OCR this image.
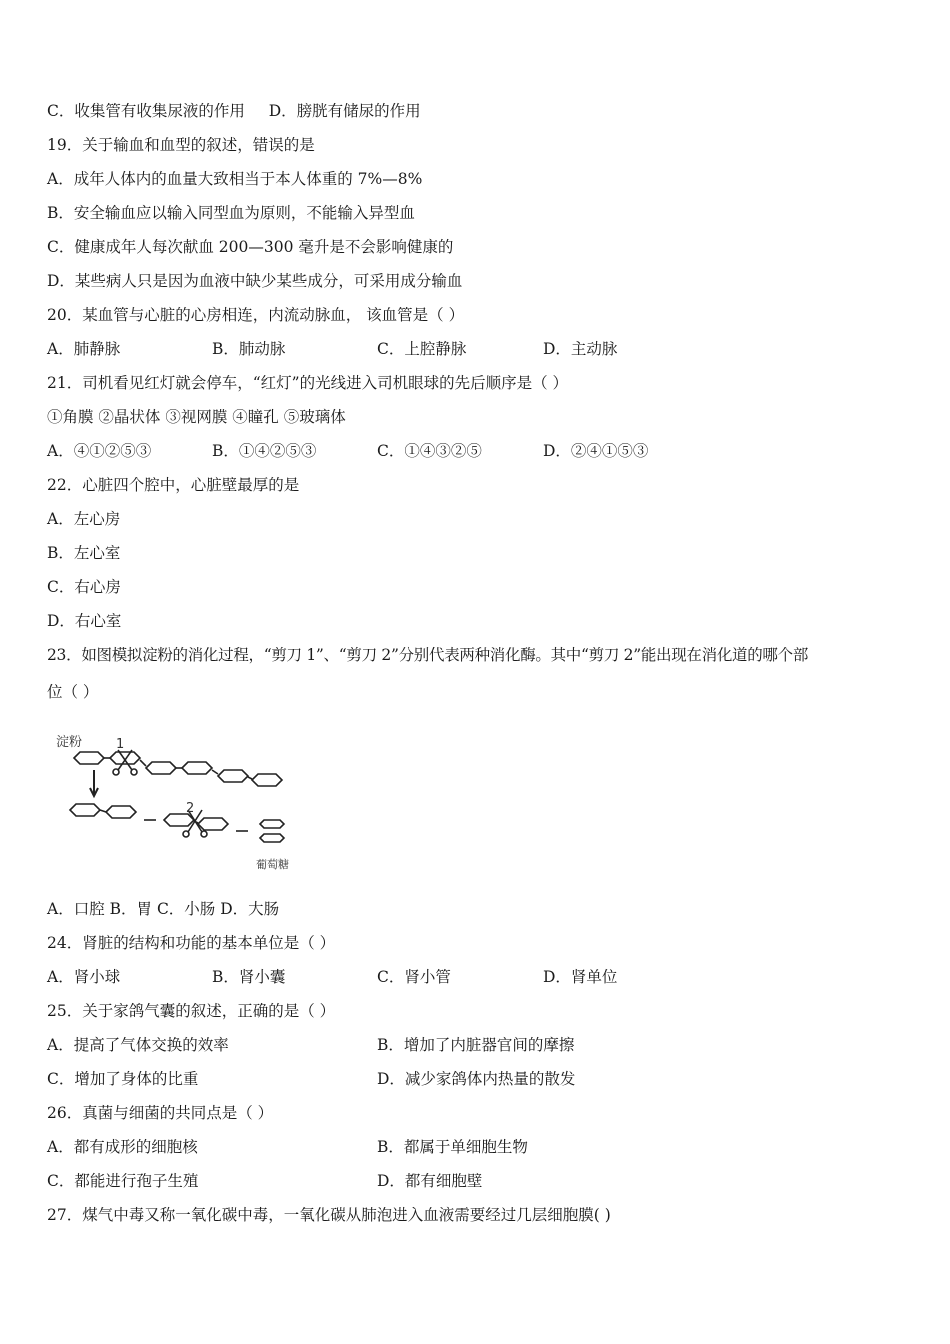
C．收集管有收集尿液的作用 D．膀胱有储尿的作用
19．关于输血和血型的叙述，错误的是
A．成年人体内的血量大致相当于本人体重的 7%—8%
B．安全输血应以输入同型血为原则，不能输入异型血
C．健康成年人每次献血 200—300 毫升是不会影响健康的
D．某些病人只是因为血液中缺少某些成分，可采用成分输血
20．某血管与心脏的心房相连，内流动脉血， 该血管是（ ）
A．肺静脉	B．肺动脉	C．上腔静脉	D．主动脉
21．司机看见红灯就会停车，“红灯”的光线进入司机眼球的先后顺序是（ ）
①角膜 ②晶状体 ③视网膜 ④瞳孔 ⑤玻璃体
A．④①②⑤③	B．①④②⑤③	C．①④③②⑤	D．②④①⑤③
22．心脏四个腔中，心脏壁最厚的是
A．左心房
B．左心室
C．右心房
D．右心室
23．如图模拟淀粉的消化过程，“剪刀 1”、“剪刀 2”分别代表两种消化酶。其中“剪刀 2”能出现在消化道的哪个部
位（ ）
淀粉	1
2
葡萄糖
A．口腔 B．胃 C．小肠 D．大肠
24．肾脏的结构和功能的基本单位是（ ）
A．肾小球	B．肾小囊	C．肾小管	D．肾单位
25．关于家鸽气囊的叙述，正确的是（ ）
A．提高了气体交换的效率	B．增加了内脏器官间的摩擦
C．增加了身体的比重	D．减少家鸽体内热量的散发
26．真菌与细菌的共同点是（ ）
A．都有成形的细胞核	B．都属于单细胞生物
C．都能进行孢子生殖	D．都有细胞壁
27．煤气中毒又称一氧化碳中毒，一氧化碳从肺泡进入血液需要经过几层细胞膜( )
